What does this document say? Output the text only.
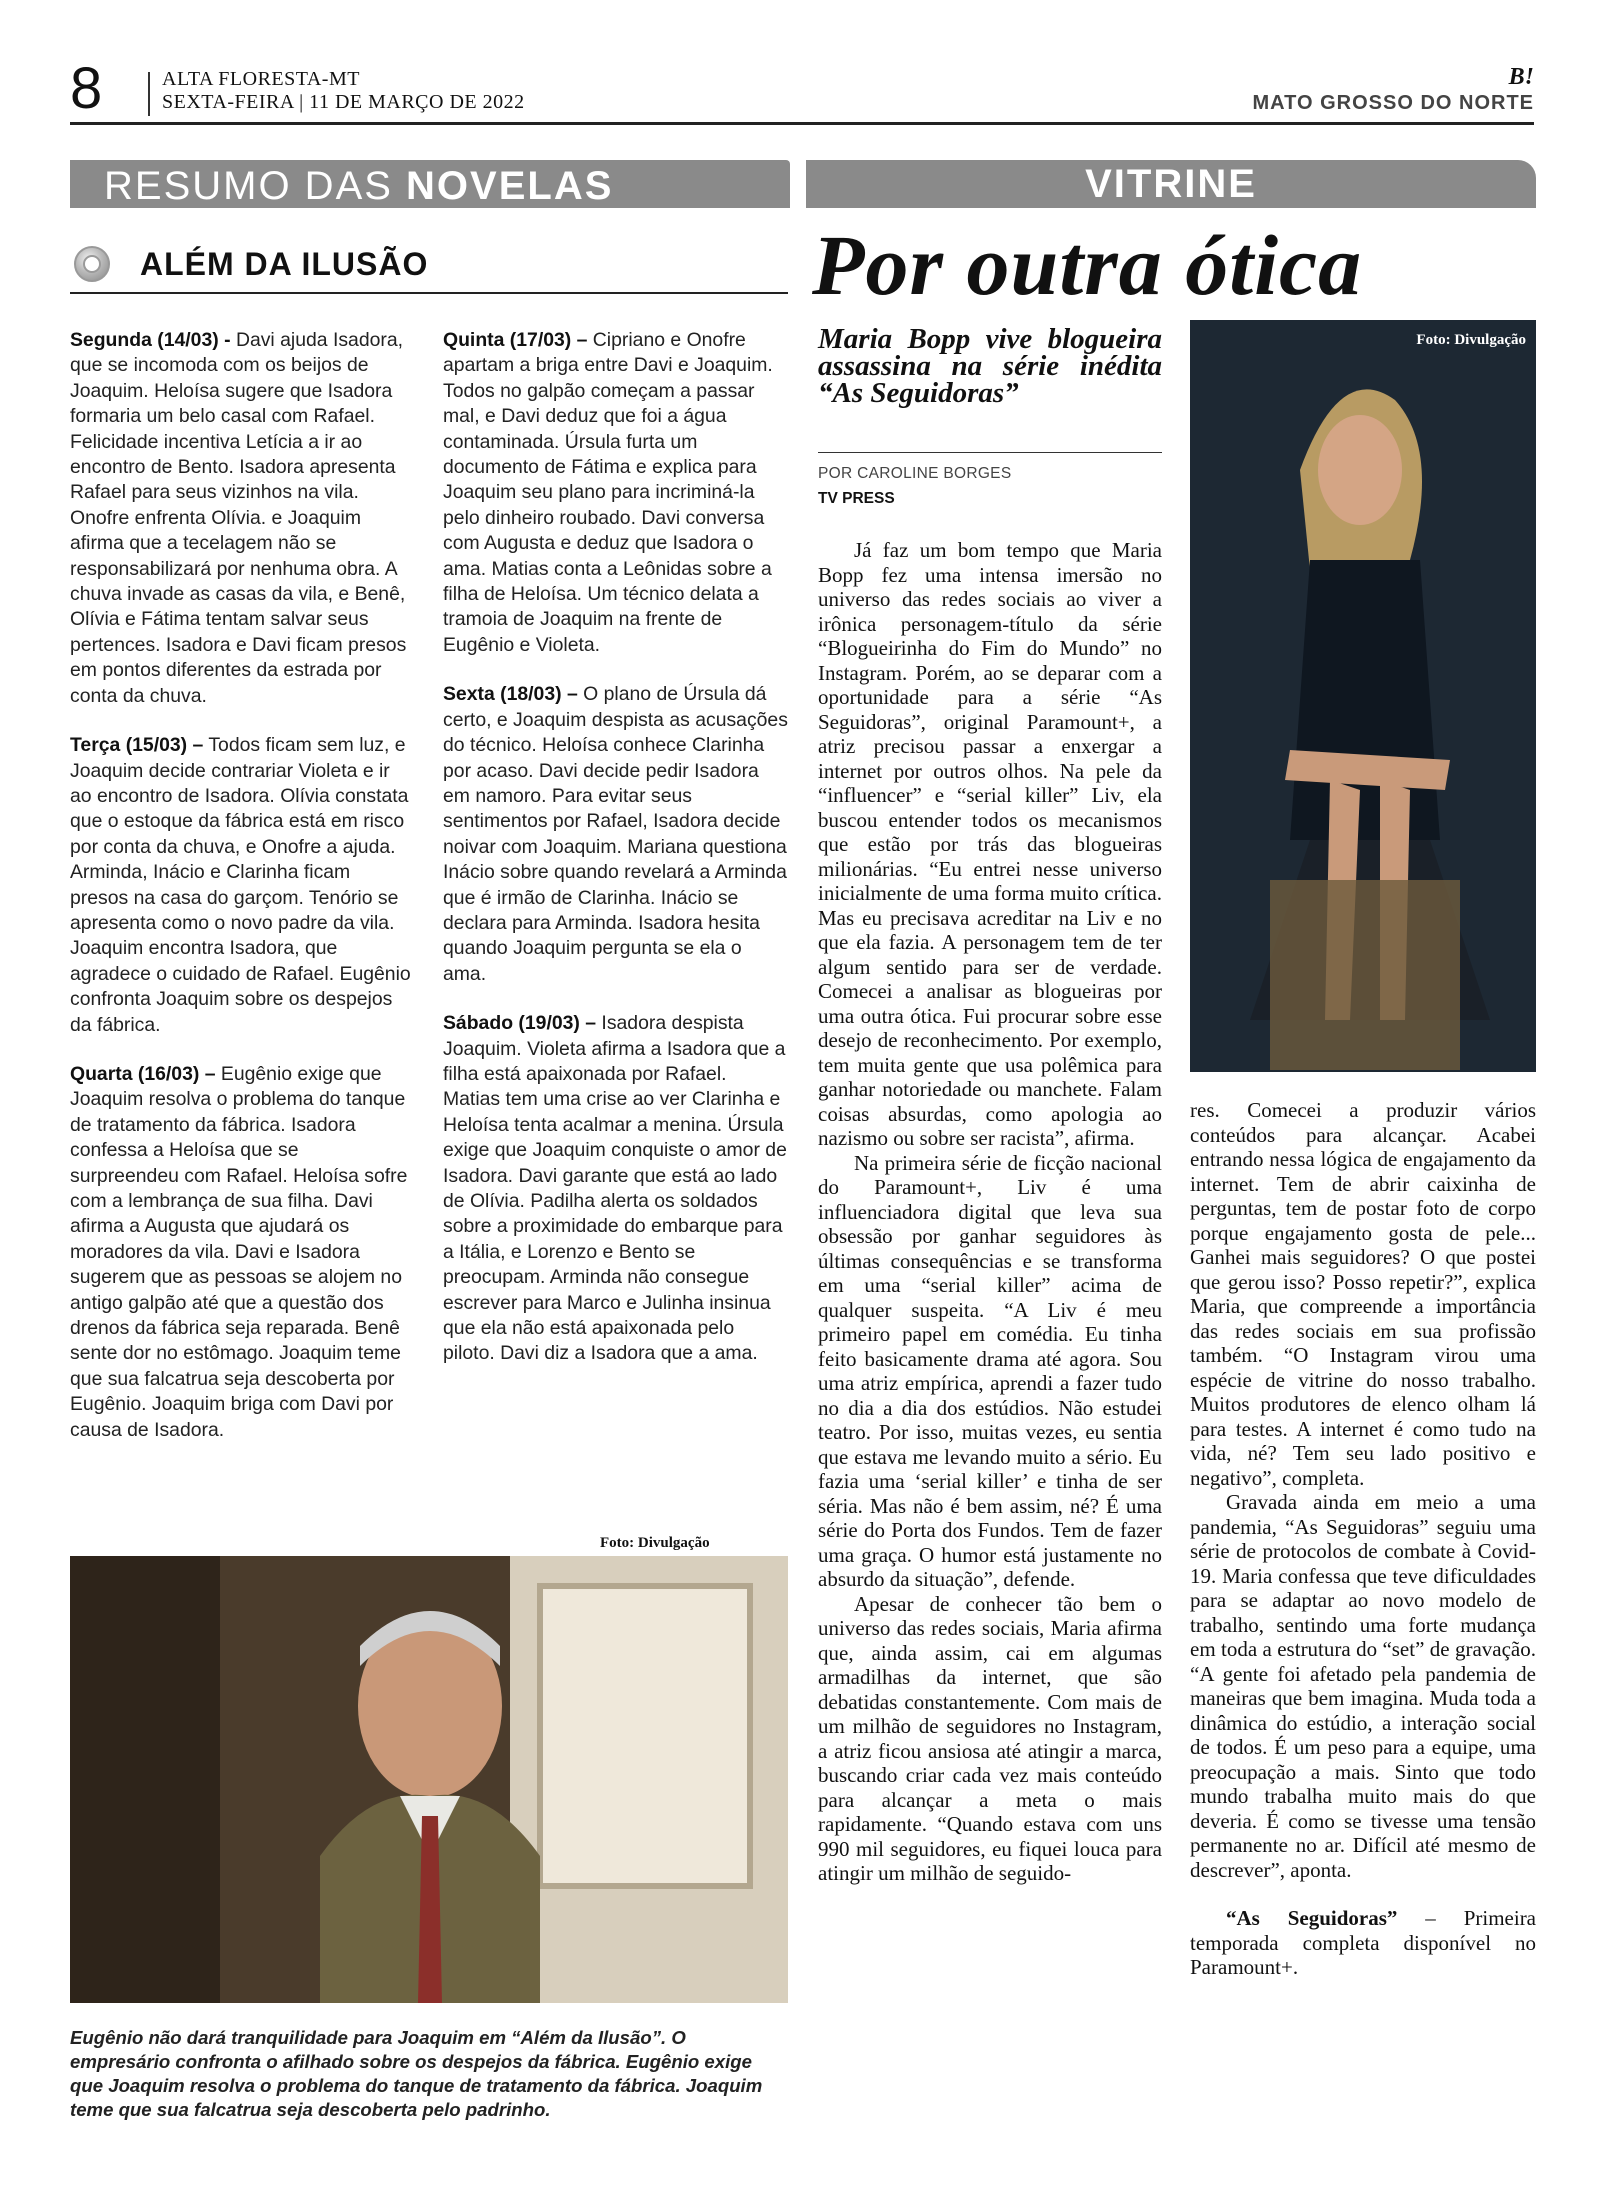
8	ALTA FLORESTA-MT
SEXTA-FEIRA | 11 DE MARÇO DE 2022
B!
MATO GROSSO DO NORTE
RESUMO DAS NOVELAS	VITRINE
ALÉM DA ILUSÃO

Segunda (14/03) - Davi ajuda Isadora, que se incomoda com os beijos de Joaquim. Heloísa sugere que Isadora formaria um belo casal com Rafael. Felicidade incentiva Letícia a ir ao encontro de Bento. Isadora apresenta Rafael para seus vizinhos na vila. Onofre enfrenta Olívia. e Joaquim afirma que a tecelagem não se responsabilizará por nenhuma obra. A chuva invade as casas da vila, e Benê, Olívia e Fátima tentam salvar seus pertences. Isadora e Davi ficam presos em pontos diferentes da estrada por conta da chuva.

Terça (15/03) – Todos ficam sem luz, e Joaquim decide contrariar Violeta e ir ao encontro de Isadora. Olívia constata que o estoque da fábrica está em risco por conta da chuva, e Onofre a ajuda. Arminda, Inácio e Clarinha ficam presos na casa do garçom. Tenório se apresenta como o novo padre da vila. Joaquim encontra Isadora, que agradece o cuidado de Rafael. Eugênio confronta Joaquim sobre os despejos da fábrica.

Quarta (16/03) – Eugênio exige que Joaquim resolva o problema do tanque de tratamento da fábrica. Isadora confessa a Heloísa que se surpreendeu com Rafael. Heloísa sofre com a lembrança de sua filha. Davi afirma a Augusta que ajudará os moradores da vila. Davi e Isadora sugerem que as pessoas se alojem no antigo galpão até que a questão dos drenos da fábrica seja reparada. Benê sente dor no estômago. Joaquim teme que sua falcatrua seja descoberta por Eugênio. Joaquim briga com Davi por causa de Isadora.

Quinta (17/03) – Cipriano e Onofre apartam a briga entre Davi e Joaquim. Todos no galpão começam a passar mal, e Davi deduz que foi a água contaminada. Úrsula furta um documento de Fátima e explica para Joaquim seu plano para incriminá-la pelo dinheiro roubado. Davi conversa com Augusta e deduz que Isadora o ama. Matias conta a Leônidas sobre a filha de Heloísa. Um técnico delata a tramoia de Joaquim na frente de Eugênio e Violeta.

Sexta (18/03) – O plano de Úrsula dá certo, e Joaquim despista as acusações do técnico. Heloísa conhece Clarinha por acaso. Davi decide pedir Isadora em namoro. Para evitar seus sentimentos por Rafael, Isadora decide noivar com Joaquim. Mariana questiona Inácio sobre quando revelará a Arminda que é irmão de Clarinha. Inácio se declara para Arminda. Isadora hesita quando Joaquim pergunta se ela o ama.

Sábado (19/03) – Isadora despista Joaquim. Violeta afirma a Isadora que a filha está apaixonada por Rafael. Matias tem uma crise ao ver Clarinha e Heloísa tenta acalmar a menina. Úrsula exige que Joaquim conquiste o amor de Isadora. Davi garante que está ao lado de Olívia. Padilha alerta os soldados sobre a proximidade do embarque para a Itália, e Lorenzo e Bento se preocupam. Arminda não consegue escrever para Marco e Julinha insinua que ela não está apaixonada pelo piloto. Davi diz a Isadora que a ama.

Foto: Divulgação
Eugênio não dará tranquilidade para Joaquim em “Além da Ilusão”. O empresário confronta o afilhado sobre os despejos da fábrica. Eugênio exige que Joaquim resolva o problema do tanque de tratamento da fábrica. Joaquim teme que sua falcatrua seja descoberta pelo padrinho.
Por outra ótica
Maria Bopp vive blogueira assassina na série inédita “As Seguidoras”
POR CAROLINE BORGES
TV PRESS
Foto: Divulgação

Já faz um bom tempo que Maria Bopp fez uma intensa imersão no universo das redes sociais ao viver a irônica personagem-título da série “Blogueirinha do Fim do Mundo” no Instagram. Porém, ao se deparar com a oportunidade para a série “As Seguidoras”, original Paramount+, a atriz precisou passar a enxergar a internet por outros olhos. Na pele da “influencer” e “serial killer” Liv, ela buscou entender todos os mecanismos que estão por trás das blogueiras milionárias. “Eu entrei nesse universo inicialmente de uma forma muito crítica. Mas eu precisava acreditar na Liv e no que ela fazia. A personagem tem de ter algum sentido para ser de verdade. Comecei a analisar as blogueiras por uma outra ótica. Fui procurar sobre esse desejo de reconhecimento. Por exemplo, tem muita gente que usa polêmica para ganhar notoriedade ou manchete. Falam coisas absurdas, como apologia ao nazismo ou sobre ser racista”, afirma.

Na primeira série de ficção nacional do Paramount+, Liv é uma influenciadora digital que leva sua obsessão por ganhar seguidores às últimas consequências e se transforma em uma “serial killer” acima de qualquer suspeita. “A Liv é meu primeiro papel em comédia. Eu tinha feito basicamente drama até agora. Sou uma atriz empírica, aprendi a fazer tudo no dia a dia dos estúdios. Não estudei teatro. Por isso, muitas vezes, eu sentia que estava me levando muito a sério. Eu fazia uma ‘serial killer’ e tinha de ser séria. Mas não é bem assim, né? É uma série do Porta dos Fundos. Tem de fazer uma graça. O humor está justamente no absurdo da situação”, defende.

Apesar de conhecer tão bem o universo das redes sociais, Maria afirma que, ainda assim, cai em algumas armadilhas da internet, que são debatidas constantemente. Com mais de um milhão de seguidores no Instagram, a atriz ficou ansiosa até atingir a marca, buscando criar cada vez mais conteúdo para alcançar a meta o mais rapidamente. “Quando estava com uns 990 mil seguidores, eu fiquei louca para atingir um milhão de seguido-

res. Comecei a produzir vários conteúdos para alcançar. Acabei entrando nessa lógica de engajamento da internet. Tem de abrir caixinha de perguntas, tem de postar foto de corpo porque engajamento gosta de pele... Ganhei mais seguidores? O que postei que gerou isso? Posso repetir?”, explica Maria, que compreende a importância das redes sociais em sua profissão também. “O Instagram virou uma espécie de vitrine do nosso trabalho. Muitos produtores de elenco olham lá para testes. A internet é como tudo na vida, né? Tem seu lado positivo e negativo”, completa.

Gravada ainda em meio a uma pandemia, “As Seguidoras” seguiu uma série de protocolos de combate à Covid-19. Maria confessa que teve dificuldades para se adaptar ao novo modelo de trabalho, sentindo uma forte mudança em toda a estrutura do “set” de gravação. “A gente foi afetado pela pandemia de maneiras que bem imagina. Muda toda a dinâmica do estúdio, a interação social de todos. É um peso para a equipe, uma preocupação a mais. Sinto que todo mundo trabalha muito mais do que deveria. É como se tivesse uma tensão permanente no ar. Difícil até mesmo de descrever”, aponta.

“As Seguidoras” – Primeira temporada completa disponível no Paramount+.
